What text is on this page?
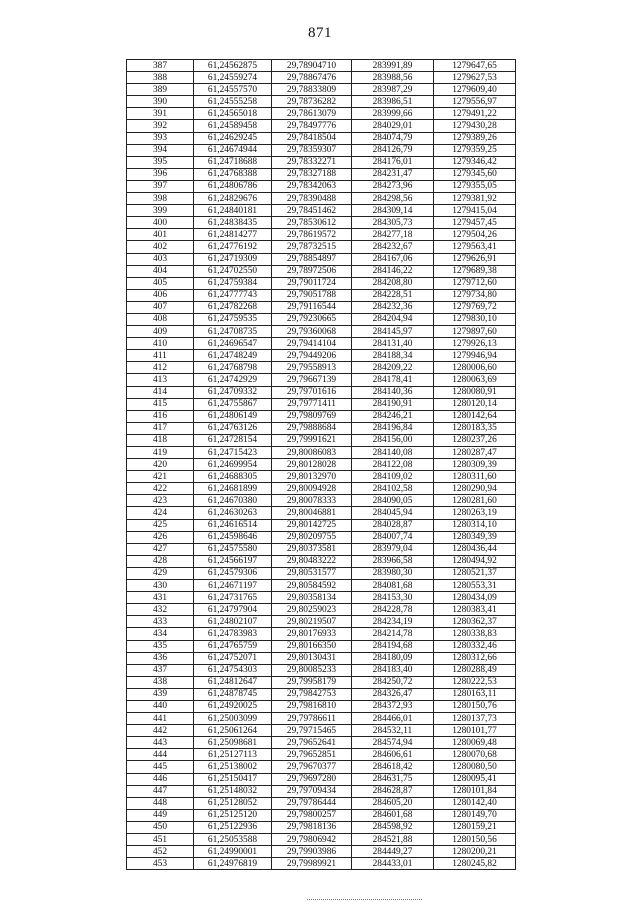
871
387	61,24562875	29,78904710	283991,89	1279647,65
388	61,24559274	29,78867476	283988,56	1279627,53
389	61,24557570	29,78833809	283987,29	1279609,40
390	61,24555258	29,78736282	283986,51	1279556,97
391	61,24565018	29,78613079	283999,66	1279491,22
392	61,24589458	29,78497776	284029,01	1279430,28
393	61,24629245	29,78418504	284074,79	1279389,26
394	61,24674944	29,78359307	284126,79	1279359,25
395	61,24718688	29,78332271	284176,01	1279346,42
396	61,24768388	29,78327188	284231,47	1279345,60
397	61,24806786	29,78342063	284273,96	1279355,05
398	61,24829676	29,78390488	284298,56	1279381,92
399	61,24840181	29,78451462	284309,14	1279415,04
400	61,24838435	29,78530612	284305,73	1279457,45
401	61,24814277	29,78619572	284277,18	1279504,26
402	61,24776192	29,78732515	284232,67	1279563,41
403	61,24719309	29,78854897	284167,06	1279626,91
404	61,24702550	29,78972506	284146,22	1279689,38
405	61,24759384	29,79011724	284208,80	1279712,60
406	61,24777743	29,79051788	284228,51	1279734,80
407	61,24782268	29,79116544	284232,36	1279769,72
408	61,24759535	29,79230665	284204,94	1279830,10
409	61,24708735	29,79360068	284145,97	1279897,60
410	61,24696547	29,79414104	284131,40	1279926,13
411	61,24748249	29,79449206	284188,34	1279946,94
412	61,24768798	29,79558913	284209,22	1280006,60
413	61,24742929	29,79667139	284178,41	1280063,69
414	61,24709332	29,79701616	284140,36	1280080,91
415	61,24755867	29,79771411	284190,91	1280120,14
416	61,24806149	29,79809769	284246,21	1280142,64
417	61,24763126	29,79888684	284196,84	1280183,35
418	61,24728154	29,79991621	284156,00	1280237,26
419	61,24715423	29,80086083	284140,08	1280287,47
420	61,24699954	29,80128028	284122,08	1280309,39
421	61,24688305	29,80132970	284109,02	1280311,60
422	61,24681899	29,80094928	284102,58	1280290,94
423	61,24670380	29,80078333	284090,05	1280281,60
424	61,24630263	29,80046881	284045,94	1280263,19
425	61,24616514	29,80142725	284028,87	1280314,10
426	61,24598646	29,80209755	284007,74	1280349,39
427	61,24575580	29,80373581	283979,04	1280436,44
428	61,24566197	29,80483222	283966,58	1280494,92
429	61,24579306	29,80531577	283980,30	1280521,37
430	61,24671197	29,80584592	284081,68	1280553,31
431	61,24731765	29,80358134	284153,30	1280434,09
432	61,24797904	29,80259023	284228,78	1280383,41
433	61,24802107	29,80219507	284234,19	1280362,37
434	61,24783983	29,80176933	284214,78	1280338,83
435	61,24765759	29,80166350	284194,68	1280332,46
436	61,24752071	29,80130431	284180,09	1280312,66
437	61,24754303	29,80085233	284183,40	1280288,49
438	61,24812647	29,79958179	284250,72	1280222,53
439	61,24878745	29,79842753	284326,47	1280163,11
440	61,24920025	29,79816810	284372,93	1280150,76
441	61,25003099	29,79786611	284466,01	1280137,73
442	61,25061264	29,79715465	284532,11	1280101,77
443	61,25098681	29,79652641	284574,94	1280069,48
444	61,25127113	29,79652851	284606,61	1280070,68
445	61,25138002	29,79670377	284618,42	1280080,50
446	61,25150417	29,79697280	284631,75	1280095,41
447	61,25148032	29,79709434	284628,87	1280101,84
448	61,25128052	29,79786444	284605,20	1280142,40
449	61,25125120	29,79800257	284601,68	1280149,70
450	61,25122936	29,79818136	284598,92	1280159,21
451	61,25053588	29,79806942	284521,88	1280150,56
452	61,24990001	29,79903986	284449,27	1280200,21
453	61,24976819	29,79989921	284433,01	1280245,82
